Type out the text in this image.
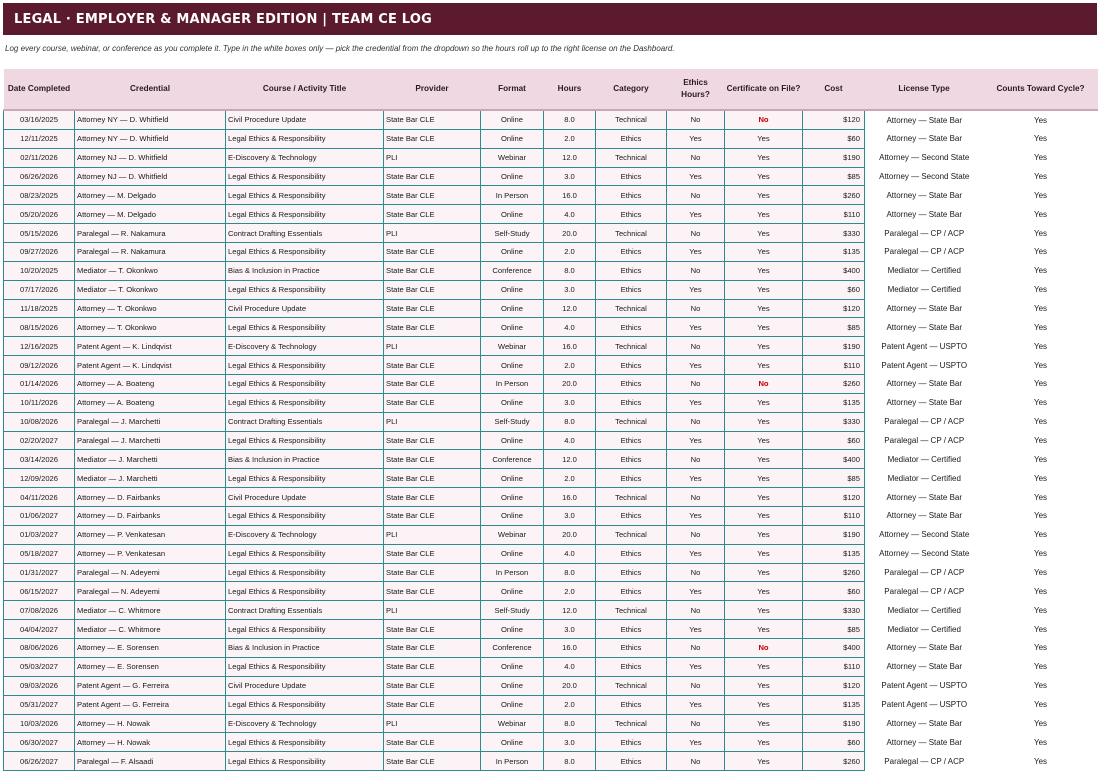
LEGAL · EMPLOYER & MANAGER EDITION | TEAM CE LOG
Log every course, webinar, or conference as you complete it. Type in the white boxes only — pick the credential from the dropdown so the hours roll up to the right license on the Dashboard.
Date Completed	Credential	Course / Activity Title	Provider	Format	Hours	Category	Ethics Hours?	Certificate on File?	Cost	License Type	Counts Toward Cycle?
03/16/2025	Attorney NY — D. Whitfield	Civil Procedure Update	State Bar CLE	Online	8.0	Technical	No	No	$120	Attorney — State Bar	Yes
12/11/2025	Attorney NY — D. Whitfield	Legal Ethics & Responsibility	State Bar CLE	Online	2.0	Ethics	Yes	Yes	$60	Attorney — State Bar	Yes
02/11/2026	Attorney NJ — D. Whitfield	E-Discovery & Technology	PLI	Webinar	12.0	Technical	No	Yes	$190	Attorney — Second State	Yes
06/26/2026	Attorney NJ — D. Whitfield	Legal Ethics & Responsibility	State Bar CLE	Online	3.0	Ethics	Yes	Yes	$85	Attorney — Second State	Yes
08/23/2025	Attorney — M. Delgado	Legal Ethics & Responsibility	State Bar CLE	In Person	16.0	Ethics	No	Yes	$260	Attorney — State Bar	Yes
05/20/2026	Attorney — M. Delgado	Legal Ethics & Responsibility	State Bar CLE	Online	4.0	Ethics	Yes	Yes	$110	Attorney — State Bar	Yes
05/15/2026	Paralegal — R. Nakamura	Contract Drafting Essentials	PLI	Self-Study	20.0	Technical	No	Yes	$330	Paralegal — CP / ACP	Yes
09/27/2026	Paralegal — R. Nakamura	Legal Ethics & Responsibility	State Bar CLE	Online	2.0	Ethics	Yes	Yes	$135	Paralegal — CP / ACP	Yes
10/20/2025	Mediator — T. Okonkwo	Bias & Inclusion in Practice	State Bar CLE	Conference	8.0	Ethics	No	Yes	$400	Mediator — Certified	Yes
07/17/2026	Mediator — T. Okonkwo	Legal Ethics & Responsibility	State Bar CLE	Online	3.0	Ethics	Yes	Yes	$60	Mediator — Certified	Yes
11/18/2025	Attorney — T. Okonkwo	Civil Procedure Update	State Bar CLE	Online	12.0	Technical	No	Yes	$120	Attorney — State Bar	Yes
08/15/2026	Attorney — T. Okonkwo	Legal Ethics & Responsibility	State Bar CLE	Online	4.0	Ethics	Yes	Yes	$85	Attorney — State Bar	Yes
12/16/2025	Patent Agent — K. Lindqvist	E-Discovery & Technology	PLI	Webinar	16.0	Technical	No	Yes	$190	Patent Agent — USPTO	Yes
09/12/2026	Patent Agent — K. Lindqvist	Legal Ethics & Responsibility	State Bar CLE	Online	2.0	Ethics	Yes	Yes	$110	Patent Agent — USPTO	Yes
01/14/2026	Attorney — A. Boateng	Legal Ethics & Responsibility	State Bar CLE	In Person	20.0	Ethics	No	No	$260	Attorney — State Bar	Yes
10/11/2026	Attorney — A. Boateng	Legal Ethics & Responsibility	State Bar CLE	Online	3.0	Ethics	Yes	Yes	$135	Attorney — State Bar	Yes
10/08/2026	Paralegal — J. Marchetti	Contract Drafting Essentials	PLI	Self-Study	8.0	Technical	No	Yes	$330	Paralegal — CP / ACP	Yes
02/20/2027	Paralegal — J. Marchetti	Legal Ethics & Responsibility	State Bar CLE	Online	4.0	Ethics	Yes	Yes	$60	Paralegal — CP / ACP	Yes
03/14/2026	Mediator — J. Marchetti	Bias & Inclusion in Practice	State Bar CLE	Conference	12.0	Ethics	No	Yes	$400	Mediator — Certified	Yes
12/09/2026	Mediator — J. Marchetti	Legal Ethics & Responsibility	State Bar CLE	Online	2.0	Ethics	Yes	Yes	$85	Mediator — Certified	Yes
04/11/2026	Attorney — D. Fairbanks	Civil Procedure Update	State Bar CLE	Online	16.0	Technical	No	Yes	$120	Attorney — State Bar	Yes
01/06/2027	Attorney — D. Fairbanks	Legal Ethics & Responsibility	State Bar CLE	Online	3.0	Ethics	Yes	Yes	$110	Attorney — State Bar	Yes
01/03/2027	Attorney — P. Venkatesan	E-Discovery & Technology	PLI	Webinar	20.0	Technical	No	Yes	$190	Attorney — Second State	Yes
05/18/2027	Attorney — P. Venkatesan	Legal Ethics & Responsibility	State Bar CLE	Online	4.0	Ethics	Yes	Yes	$135	Attorney — Second State	Yes
01/31/2027	Paralegal — N. Adeyemi	Legal Ethics & Responsibility	State Bar CLE	In Person	8.0	Ethics	No	Yes	$260	Paralegal — CP / ACP	Yes
06/15/2027	Paralegal — N. Adeyemi	Legal Ethics & Responsibility	State Bar CLE	Online	2.0	Ethics	Yes	Yes	$60	Paralegal — CP / ACP	Yes
07/08/2026	Mediator — C. Whitmore	Contract Drafting Essentials	PLI	Self-Study	12.0	Technical	No	Yes	$330	Mediator — Certified	Yes
04/04/2027	Mediator — C. Whitmore	Legal Ethics & Responsibility	State Bar CLE	Online	3.0	Ethics	Yes	Yes	$85	Mediator — Certified	Yes
08/06/2026	Attorney — E. Sorensen	Bias & Inclusion in Practice	State Bar CLE	Conference	16.0	Ethics	No	No	$400	Attorney — State Bar	Yes
05/03/2027	Attorney — E. Sorensen	Legal Ethics & Responsibility	State Bar CLE	Online	4.0	Ethics	Yes	Yes	$110	Attorney — State Bar	Yes
09/03/2026	Patent Agent — G. Ferreira	Civil Procedure Update	State Bar CLE	Online	20.0	Technical	No	Yes	$120	Patent Agent — USPTO	Yes
05/31/2027	Patent Agent — G. Ferreira	Legal Ethics & Responsibility	State Bar CLE	Online	2.0	Ethics	Yes	Yes	$135	Patent Agent — USPTO	Yes
10/03/2026	Attorney — H. Nowak	E-Discovery & Technology	PLI	Webinar	8.0	Technical	No	Yes	$190	Attorney — State Bar	Yes
06/30/2027	Attorney — H. Nowak	Legal Ethics & Responsibility	State Bar CLE	Online	3.0	Ethics	Yes	Yes	$60	Attorney — State Bar	Yes
06/26/2027	Paralegal — F. Alsaadi	Legal Ethics & Responsibility	State Bar CLE	In Person	8.0	Ethics	No	Yes	$260	Paralegal — CP / ACP	Yes
